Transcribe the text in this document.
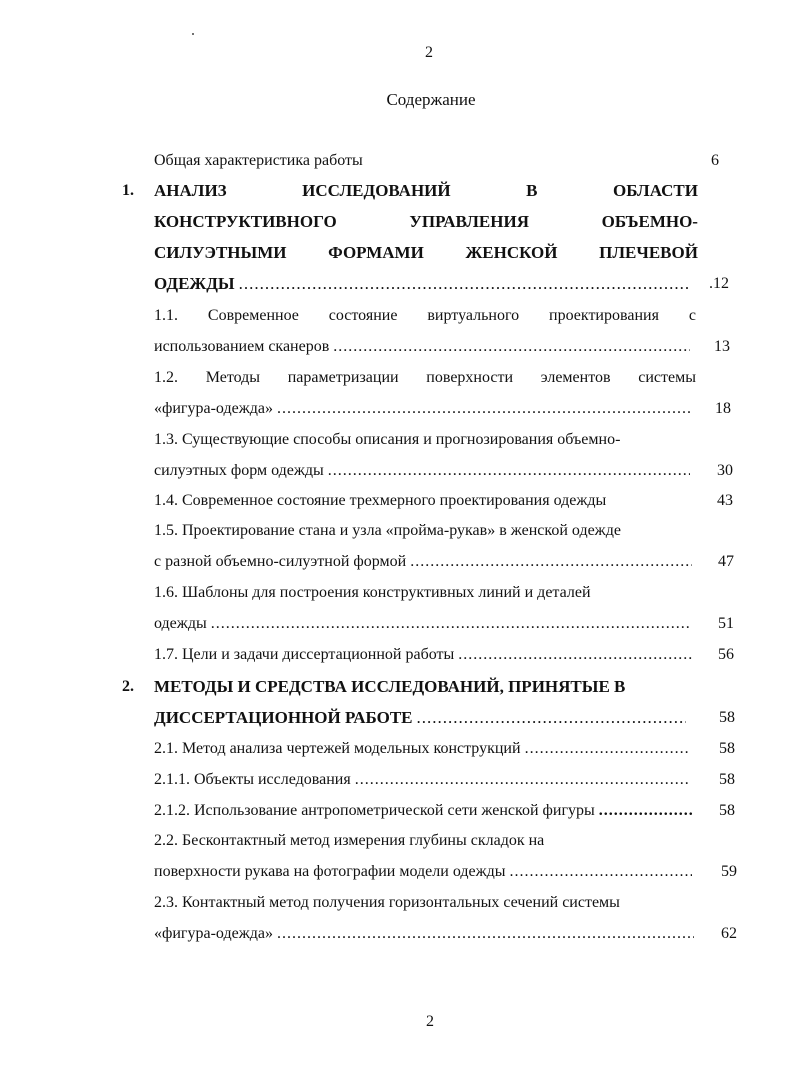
2
Содержание
Общая характеристика работы	6
1. АНАЛИЗ	ИССЛЕДОВАНИЙ	В	ОБЛАСТИ
КОНСТРУКТИВНОГО	УПРАВЛЕНИЯ	ОБЪЕМНО-
СИЛУЭТНЫМИ ФОРМАМИ ЖЕНСКОЙ ПЛЕЧЕВОЙ
ОДЕЖДЫ .....	.12
1.1. Современное состояние виртуального проектирования с
использованием сканеров .....	13
1.2. Методы параметризации поверхности элементов системы
«фигура-одежда» .....	18
1.3. Существующие способы описания и прогнозирования объемно-
силуэтных форм одежды .....	30
1.4. Современное состояние трехмерного проектирования одежды	43
1.5. Проектирование стана и узла «пройма-рукав» в женской одежде
с разной объемно-силуэтной формой .....	47
1.6. Шаблоны для построения конструктивных линий и деталей
одежды .....	51
1.7. Цели и задачи диссертационной работы .....	56
2. МЕТОДЫ И СРЕДСТВА ИССЛЕДОВАНИЙ, ПРИНЯТЫЕ В
ДИССЕРТАЦИОННОЙ РАБОТЕ .....	58
2.1. Метод анализа чертежей модельных конструкций .....	58
2.1.1. Объекты исследования .....	58
2.1.2. Использование антропометрической сети женской фигуры .....	58
2.2. Бесконтактный метод измерения глубины складок на
поверхности рукава на фотографии модели одежды .....	59
2.3. Контактный метод получения горизонтальных сечений системы
«фигура-одежда» .....	62
2
